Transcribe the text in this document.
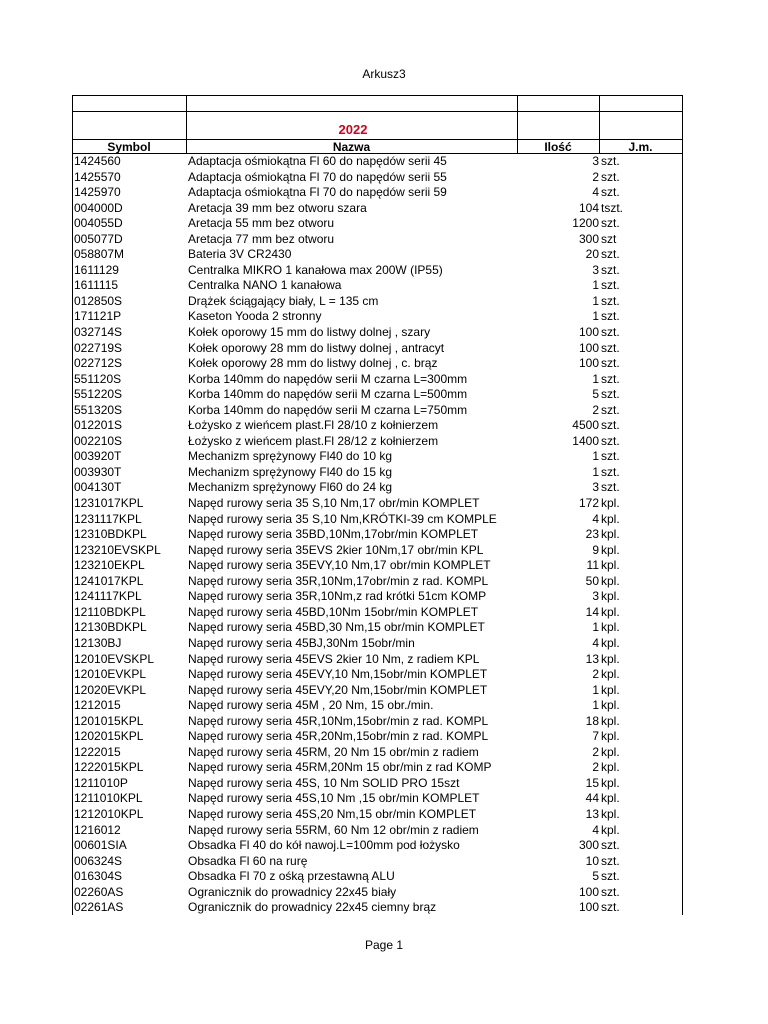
Arkusz3
2022
Symbol	Nazwa	Ilość	J.m.
1424560	Adaptacja ośmiokątna Fl 60 do napędów serii 45	3 szt.
1425570	Adaptacja ośmiokątna Fl 70 do napędów serii 55	2 szt.
1425970	Adaptacja ośmiokątna Fl 70 do napędów serii 59	4 szt.
004000D	Aretacja 39 mm bez otworu szara	104 tszt.
004055D	Aretacja 55 mm bez otworu	1200 szt.
005077D	Aretacja 77 mm bez otworu	300 szt
058807M	Bateria 3V CR2430	20 szt.
1611129	Centralka MIKRO 1 kanałowa max 200W (IP55)	3 szt.
1611115	Centralka NANO 1 kanałowa	1 szt.
012850S	Drążek ściągający biały, L = 135 cm	1 szt.
171121P	Kaseton Yooda 2 stronny	1 szt.
032714S	Kołek oporowy 15 mm do listwy dolnej , szary	100 szt.
022719S	Kołek oporowy 28 mm do listwy dolnej , antracyt	100 szt.
022712S	Kołek oporowy 28 mm do listwy dolnej , c. brąz	100 szt.
551120S	Korba 140mm do napędów serii M czarna L=300mm	1 szt.
551220S	Korba 140mm do napędów serii M czarna L=500mm	5 szt.
551320S	Korba 140mm do napędów serii M czarna L=750mm	2 szt.
012201S	Łożysko z wieńcem plast.Fl 28/10 z kołnierzem	4500 szt.
002210S	Łożysko z wieńcem plast.Fl 28/12 z kołnierzem	1400 szt.
003920T	Mechanizm sprężynowy Fl40 do 10 kg	1 szt.
003930T	Mechanizm sprężynowy Fl40 do 15 kg	1 szt.
004130T	Mechanizm sprężynowy Fl60 do 24 kg	3 szt.
1231017KPL	Napęd rurowy seria 35 S,10 Nm,17 obr/min KOMPLET	172 kpl.
1231117KPL	Napęd rurowy seria 35 S,10 Nm,KRÓTKI-39 cm KOMPLE	4 kpl.
12310BDKPL	Napęd rurowy seria 35BD,10Nm,17obr/min KOMPLET	23 kpl.
123210EVSKPL	Napęd rurowy seria 35EVS 2kier 10Nm,17 obr/min KPL	9 kpl.
123210EKPL	Napęd rurowy seria 35EVY,10 Nm,17 obr/min KOMPLET	11 kpl.
1241017KPL	Napęd rurowy seria 35R,10Nm,17obr/min z rad. KOMPL	50 kpl.
1241117KPL	Napęd rurowy seria 35R,10Nm,z rad krótki 51cm KOMP	3 kpl.
12110BDKPL	Napęd rurowy seria 45BD,10Nm 15obr/min KOMPLET	14 kpl.
12130BDKPL	Napęd rurowy seria 45BD,30 Nm,15 obr/min KOMPLET	1 kpl.
12130BJ	Napęd rurowy seria 45BJ,30Nm 15obr/min	4 kpl.
12010EVSKPL	Napęd rurowy seria 45EVS 2kier 10 Nm, z radiem KPL	13 kpl.
12010EVKPL	Napęd rurowy seria 45EVY,10 Nm,15obr/min KOMPLET	2 kpl.
12020EVKPL	Napęd rurowy seria 45EVY,20 Nm,15obr/min KOMPLET	1 kpl.
1212015	Napęd rurowy seria 45M , 20 Nm, 15 obr./min.	1 kpl.
1201015KPL	Napęd rurowy seria 45R,10Nm,15obr/min z rad. KOMPL	18 kpl.
1202015KPL	Napęd rurowy seria 45R,20Nm,15obr/min z rad. KOMPL	7 kpl.
1222015	Napęd rurowy seria 45RM, 20 Nm 15 obr/min z radiem	2 kpl.
1222015KPL	Napęd rurowy seria 45RM,20Nm 15 obr/min z rad KOMP	2 kpl.
1211010P	Napęd rurowy seria 45S, 10 Nm SOLID PRO 15szt	15 kpl.
1211010KPL	Napęd rurowy seria 45S,10 Nm ,15 obr/min KOMPLET	44 kpl.
1212010KPL	Napęd rurowy seria 45S,20 Nm,15 obr/min KOMPLET	13 kpl.
1216012	Napęd rurowy seria 55RM, 60 Nm 12 obr/min z radiem	4 kpl.
00601SIA	Obsadka Fl 40 do kół nawoj.L=100mm pod łożysko	300 szt.
006324S	Obsadka Fl 60 na rurę	10 szt.
016304S	Obsadka Fl 70 z ośką przestawną ALU	5 szt.
02260AS	Ogranicznik do prowadnicy 22x45 biały	100 szt.
02261AS	Ogranicznik do prowadnicy 22x45 ciemny brąz	100 szt.
Page 1
